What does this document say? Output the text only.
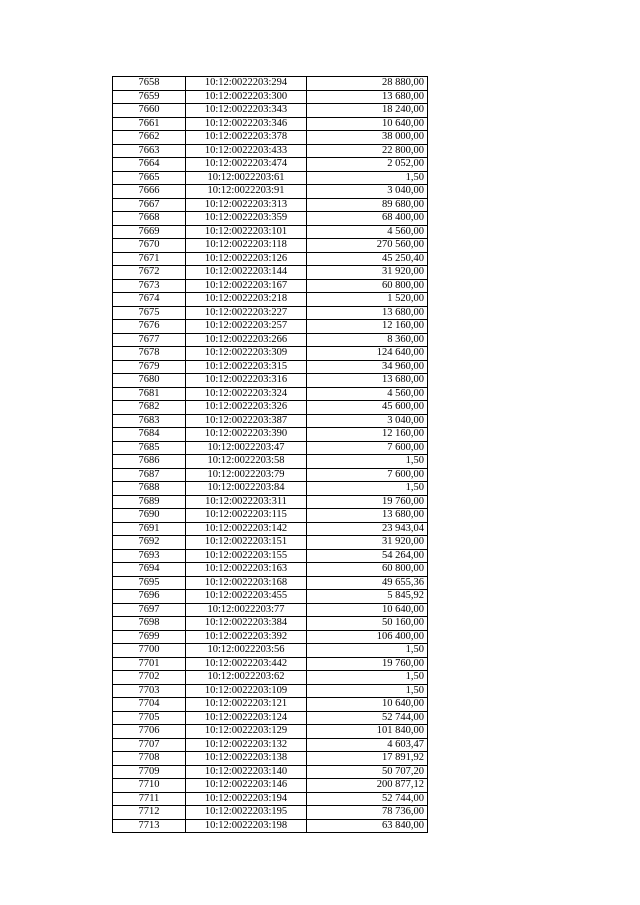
7658	10:12:0022203:294	28 880,00
7659	10:12:0022203:300	13 680,00
7660	10:12:0022203:343	18 240,00
7661	10:12:0022203:346	10 640,00
7662	10:12:0022203:378	38 000,00
7663	10:12:0022203:433	22 800,00
7664	10:12:0022203:474	2 052,00
7665	10:12:0022203:61	1,50
7666	10:12:0022203:91	3 040,00
7667	10:12:0022203:313	89 680,00
7668	10:12:0022203:359	68 400,00
7669	10:12:0022203:101	4 560,00
7670	10:12:0022203:118	270 560,00
7671	10:12:0022203:126	45 250,40
7672	10:12:0022203:144	31 920,00
7673	10:12:0022203:167	60 800,00
7674	10:12:0022203:218	1 520,00
7675	10:12:0022203:227	13 680,00
7676	10:12:0022203:257	12 160,00
7677	10:12:0022203:266	8 360,00
7678	10:12:0022203:309	124 640,00
7679	10:12:0022203:315	34 960,00
7680	10:12:0022203:316	13 680,00
7681	10:12:0022203:324	4 560,00
7682	10:12:0022203:326	45 600,00
7683	10:12:0022203:387	3 040,00
7684	10:12:0022203:390	12 160,00
7685	10:12:0022203:47	7 600,00
7686	10:12:0022203:58	1,50
7687	10:12:0022203:79	7 600,00
7688	10:12:0022203:84	1,50
7689	10:12:0022203:311	19 760,00
7690	10:12:0022203:115	13 680,00
7691	10:12:0022203:142	23 943,04
7692	10:12:0022203:151	31 920,00
7693	10:12:0022203:155	54 264,00
7694	10:12:0022203:163	60 800,00
7695	10:12:0022203:168	49 655,36
7696	10:12:0022203:455	5 845,92
7697	10:12:0022203:77	10 640,00
7698	10:12:0022203:384	50 160,00
7699	10:12:0022203:392	106 400,00
7700	10:12:0022203:56	1,50
7701	10:12:0022203:442	19 760,00
7702	10:12:0022203:62	1,50
7703	10:12:0022203:109	1,50
7704	10:12:0022203:121	10 640,00
7705	10:12:0022203:124	52 744,00
7706	10:12:0022203:129	101 840,00
7707	10:12:0022203:132	4 603,47
7708	10:12:0022203:138	17 891,92
7709	10:12:0022203:140	50 707,20
7710	10:12:0022203:146	200 877,12
7711	10:12:0022203:194	52 744,00
7712	10:12:0022203:195	78 736,00
7713	10:12:0022203:198	63 840,00
